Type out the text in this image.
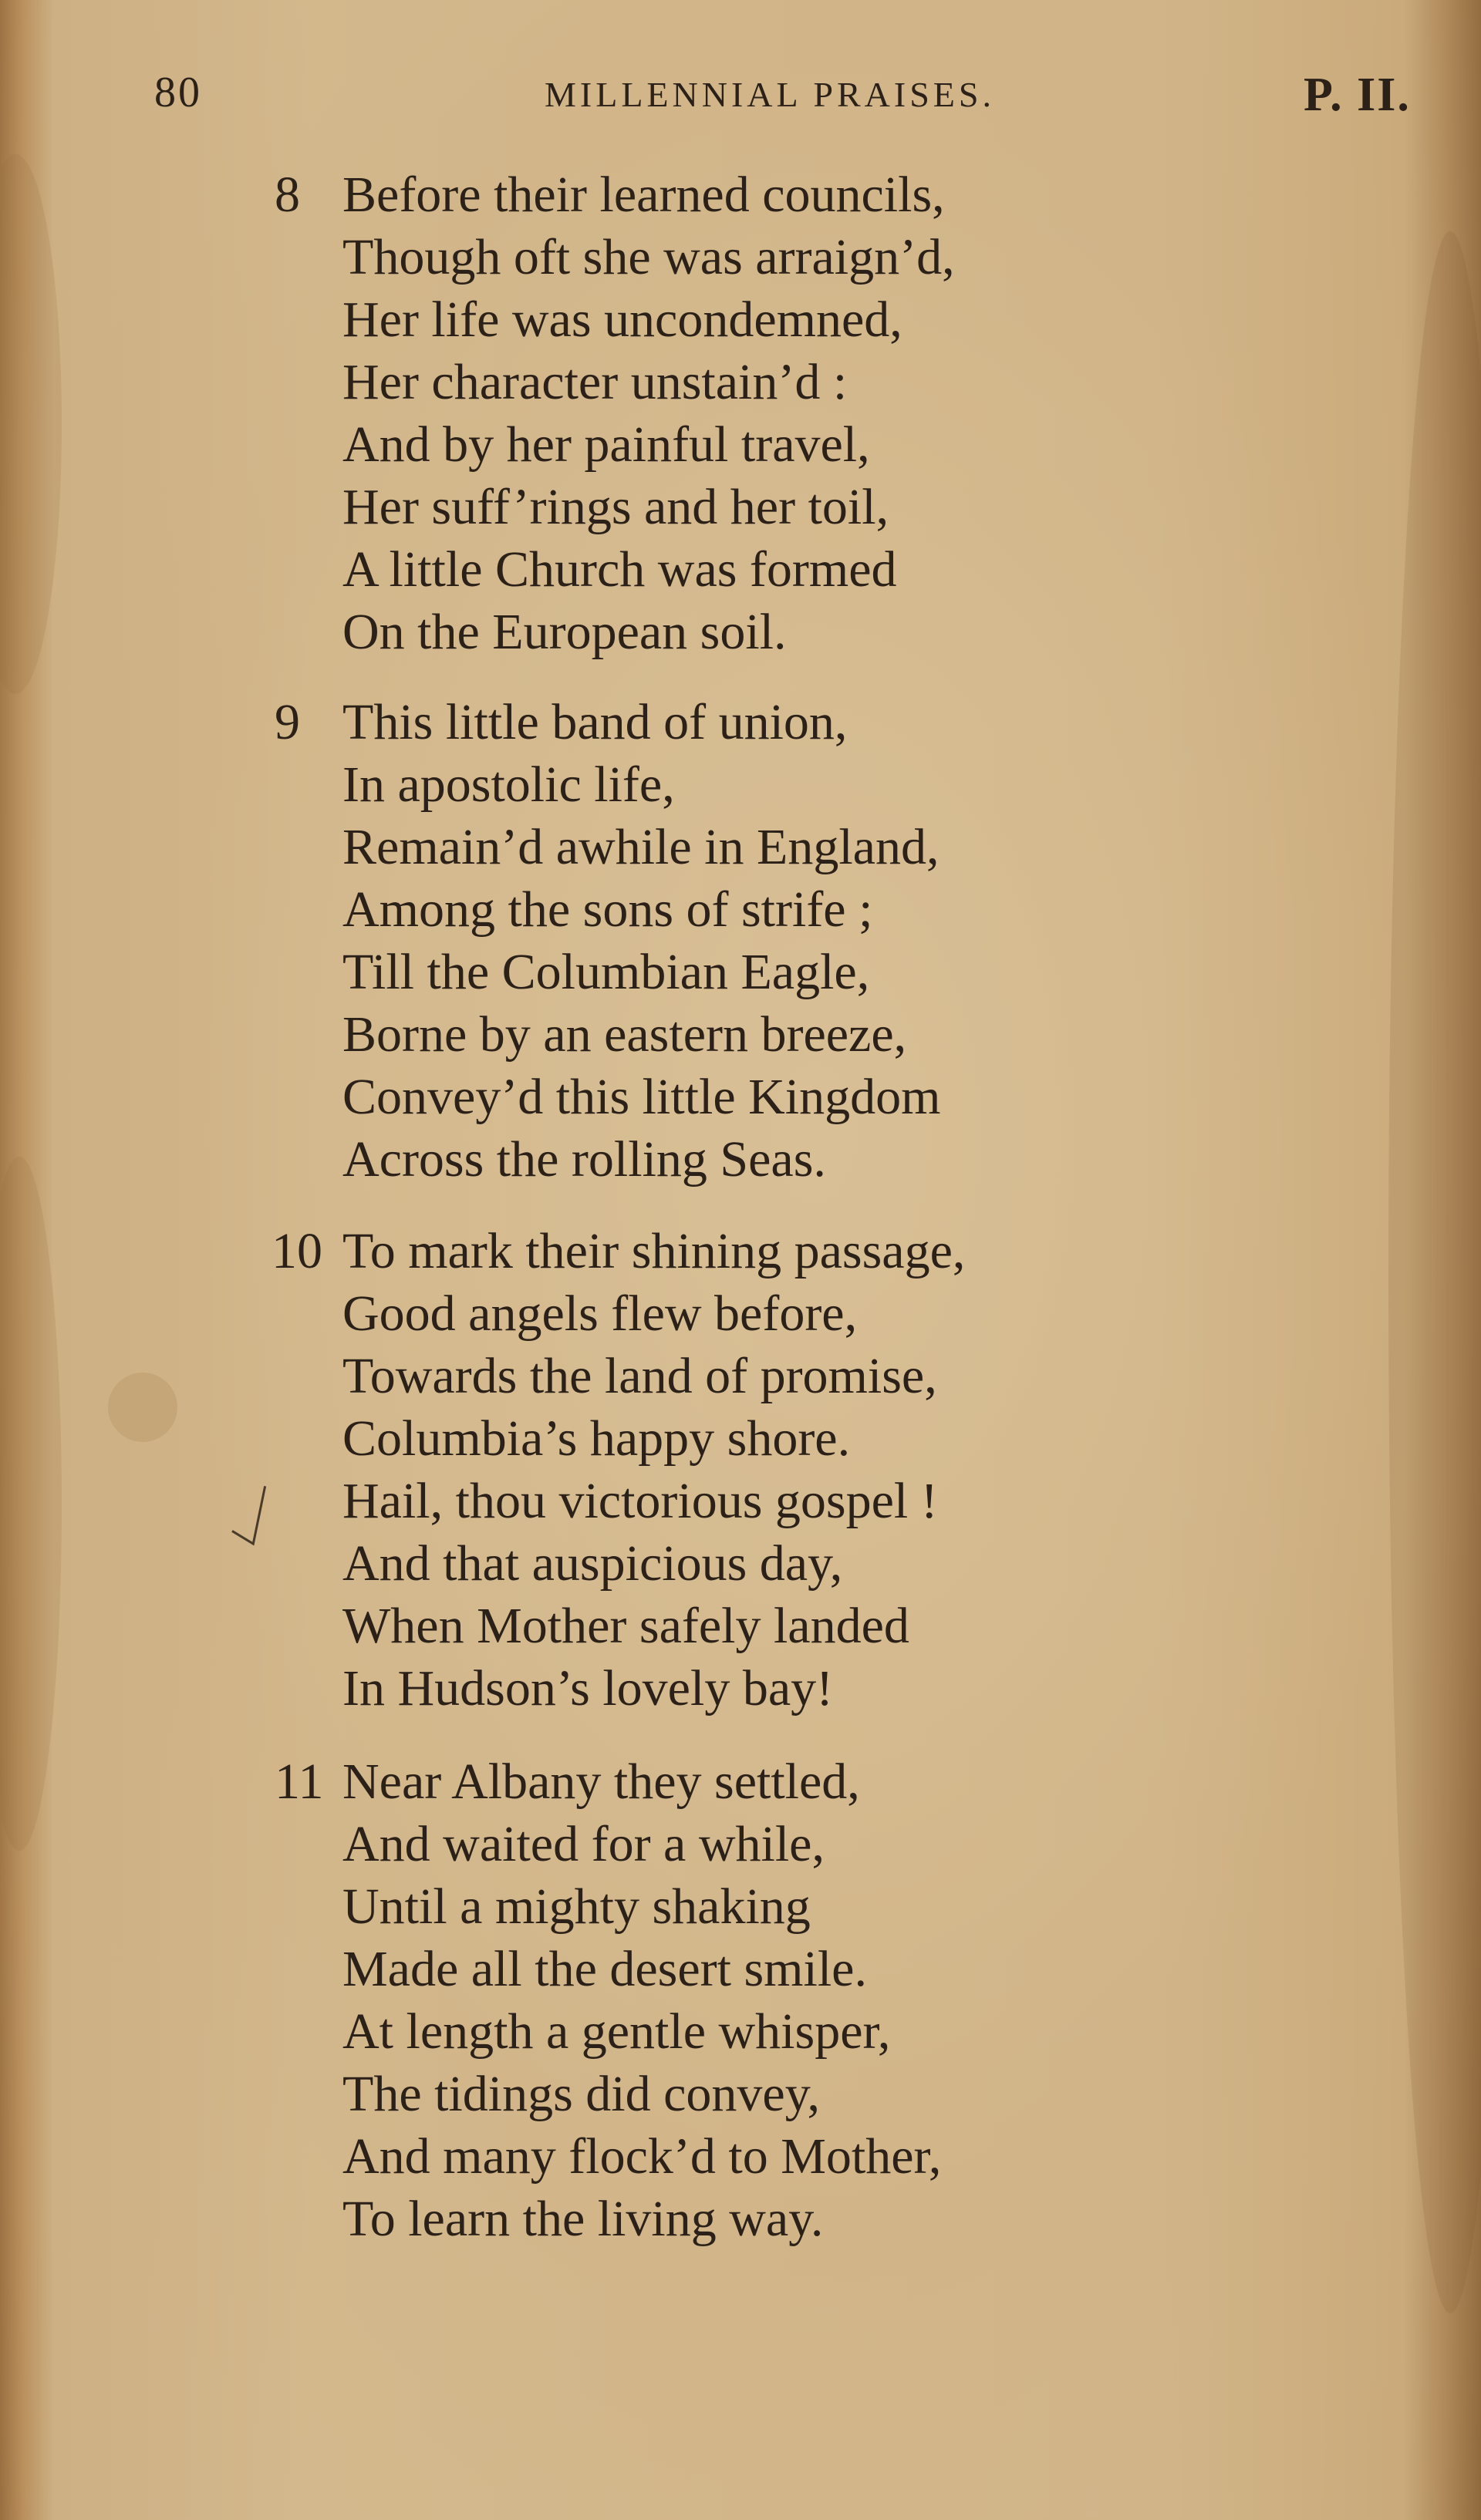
80	MILLENNIAL PRAISES.	P. II.
8 Before their learned councils,
Though oft she was arraign’d,
Her life was uncondemned,
Her character unstain’d :
And by her painful travel,
Her suff’rings and her toil,
A little Church was formed
On the European soil.
9 This little band of union,
In apostolic life,
Remain’d awhile in England,
Among the sons of strife ;
Till the Columbian Eagle,
Borne by an eastern breeze,
Convey’d this little Kingdom
Across the rolling Seas.
10 To mark their shining passage,
Good angels flew before,
Towards the land of promise,
Columbia’s happy shore.
Hail, thou victorious gospel !
And that auspicious day,
When Mother safely landed
In Hudson’s lovely bay!
11 Near Albany they settled,
And waited for a while,
Until a mighty shaking
Made all the desert smile.
At length a gentle whisper,
The tidings did convey,
And many flock’d to Mother,
To learn the living way.
